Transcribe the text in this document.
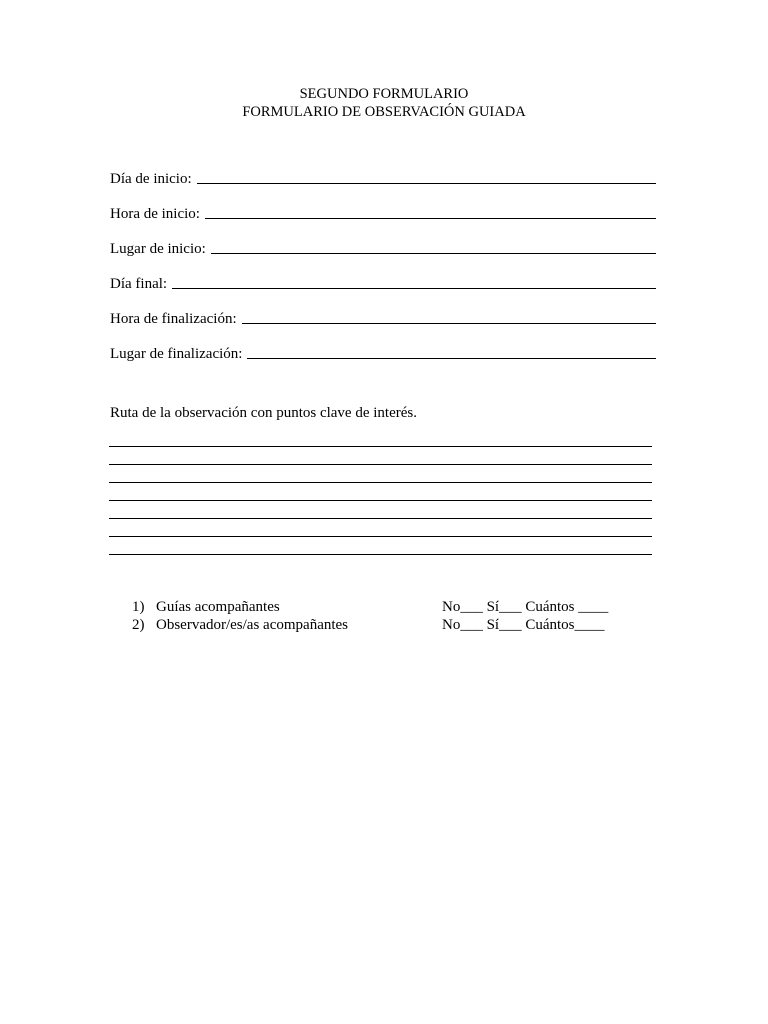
SEGUNDO FORMULARIO
FORMULARIO DE OBSERVACIÓN GUIADA
Día de inicio:
Hora de inicio:
Lugar de inicio:
Día final:
Hora de finalización:
Lugar de finalización:
Ruta de la observación con puntos clave de interés.
1) Guías acompañantes	No___ Sí___ Cuántos ____
2) Observador/es/as acompañantes	No___ Sí___ Cuántos____
